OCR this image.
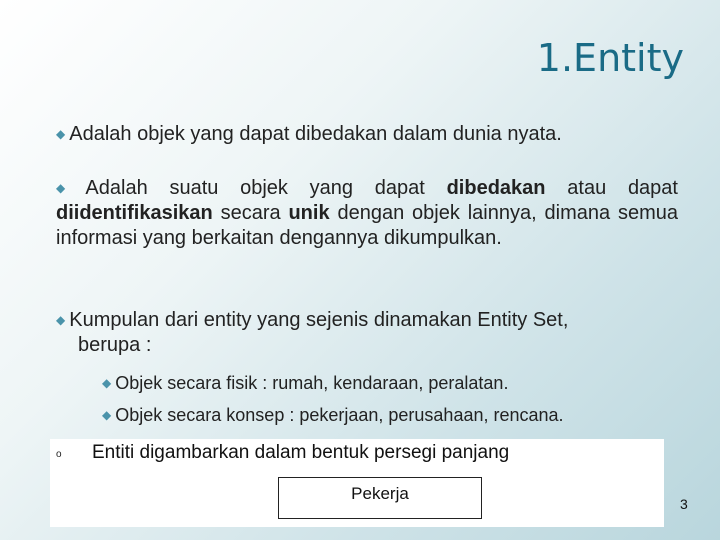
1.Entity
◆ Adalah objek yang dapat dibedakan dalam dunia nyata.
◆ Adalah suatu objek yang dapat dibedakan atau dapat diidentifikasikan secara unik dengan objek lainnya, dimana semua informasi yang berkaitan dengannya dikumpulkan.
◆ Kumpulan dari entity yang sejenis dinamakan Entity Set,
berupa :
◆ Objek secara fisik : rumah, kendaraan, peralatan.
◆ Objek secara konsep : pekerjaan, perusahaan, rencana.
o Entiti digambarkan dalam bentuk persegi panjang
Pekerja
3
